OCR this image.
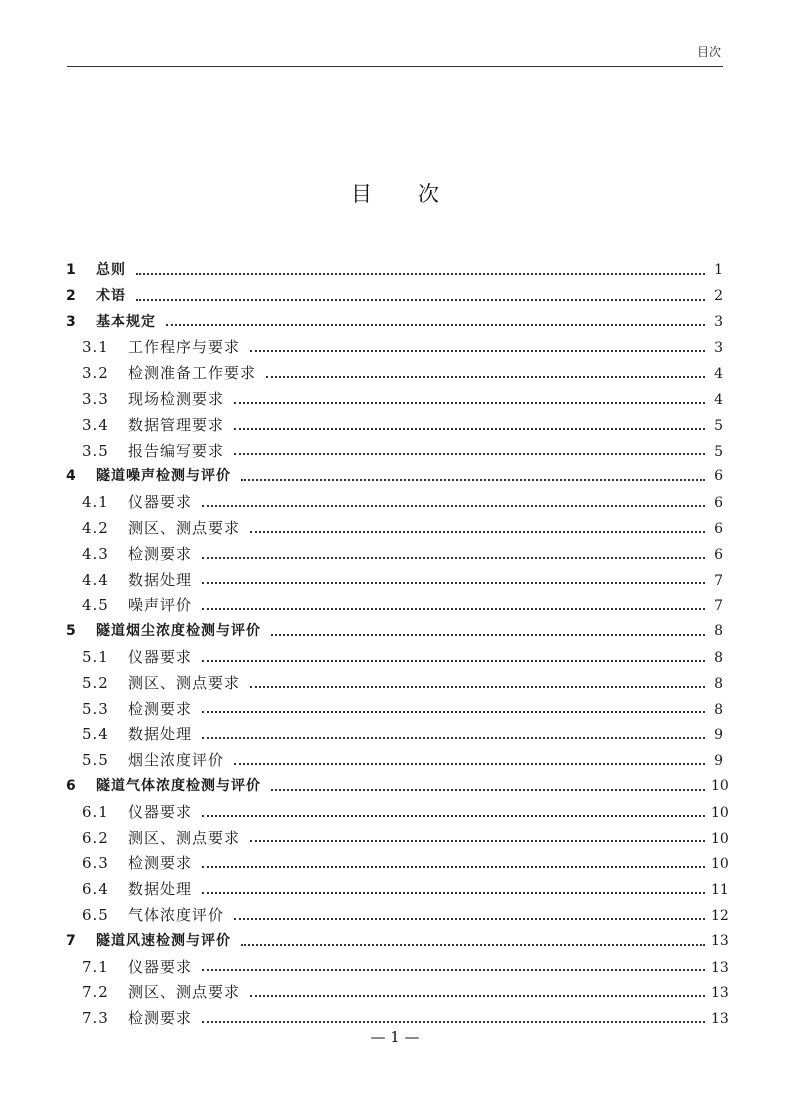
目次
目次
1	总则	1
2	术语	2
3	基本规定	3
3.1	工作程序与要求	3
3.2	检测准备工作要求	4
3.3	现场检测要求	4
3.4	数据管理要求	5
3.5	报告编写要求	5
4	隧道噪声检测与评价	6
4.1	仪器要求	6
4.2	测区、测点要求	6
4.3	检测要求	6
4.4	数据处理	7
4.5	噪声评价	7
5	隧道烟尘浓度检测与评价	8
5.1	仪器要求	8
5.2	测区、测点要求	8
5.3	检测要求	8
5.4	数据处理	9
5.5	烟尘浓度评价	9
6	隧道气体浓度检测与评价	10
6.1	仪器要求	10
6.2	测区、测点要求	10
6.3	检测要求	10
6.4	数据处理	11
6.5	气体浓度评价	12
7	隧道风速检测与评价	13
7.1	仪器要求	13
7.2	测区、测点要求	13
7.3	检测要求	13
— 1 —
